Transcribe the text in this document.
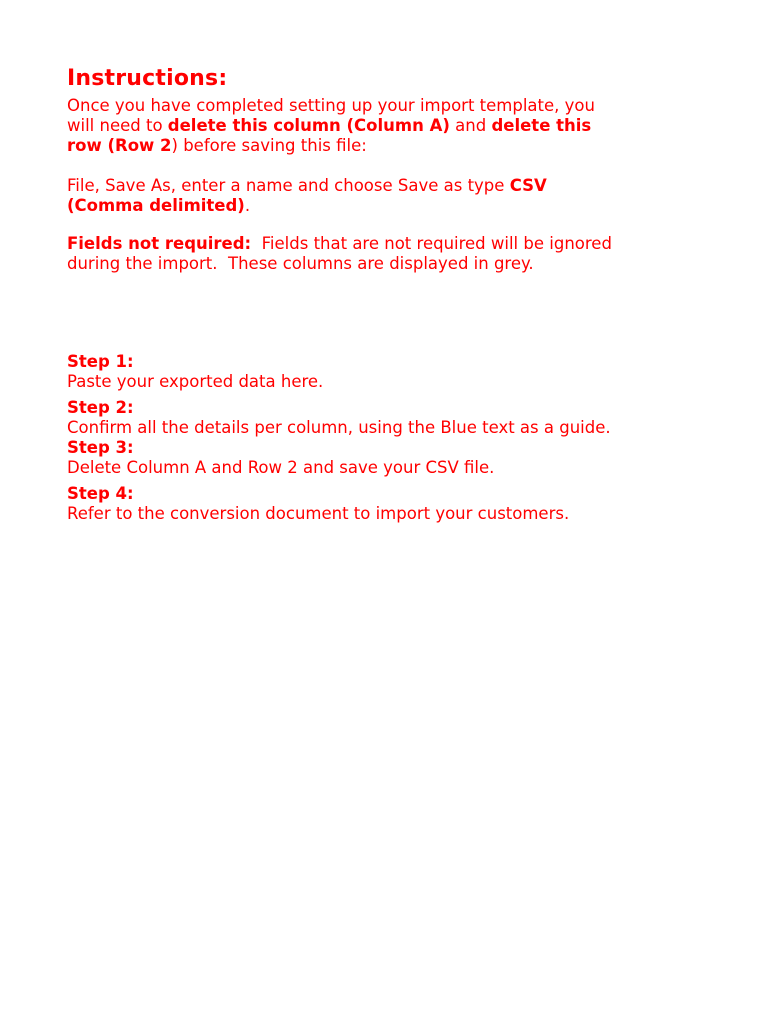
Instructions:

Once you have completed setting up your import template, you will need to delete this column (Column A) and delete this row (Row 2) before saving this file:

File, Save As, enter a name and choose Save as type CSV (Comma delimited).

Fields not required:  Fields that are not required will be ignored during the import.  These columns are displayed in grey.

Step 1:
Paste your exported data here.
Step 2:
Confirm all the details per column, using the Blue text as a guide.
Step 3:
Delete Column A and Row 2 and save your CSV file.
Step 4:
Refer to the conversion document to import your customers.
